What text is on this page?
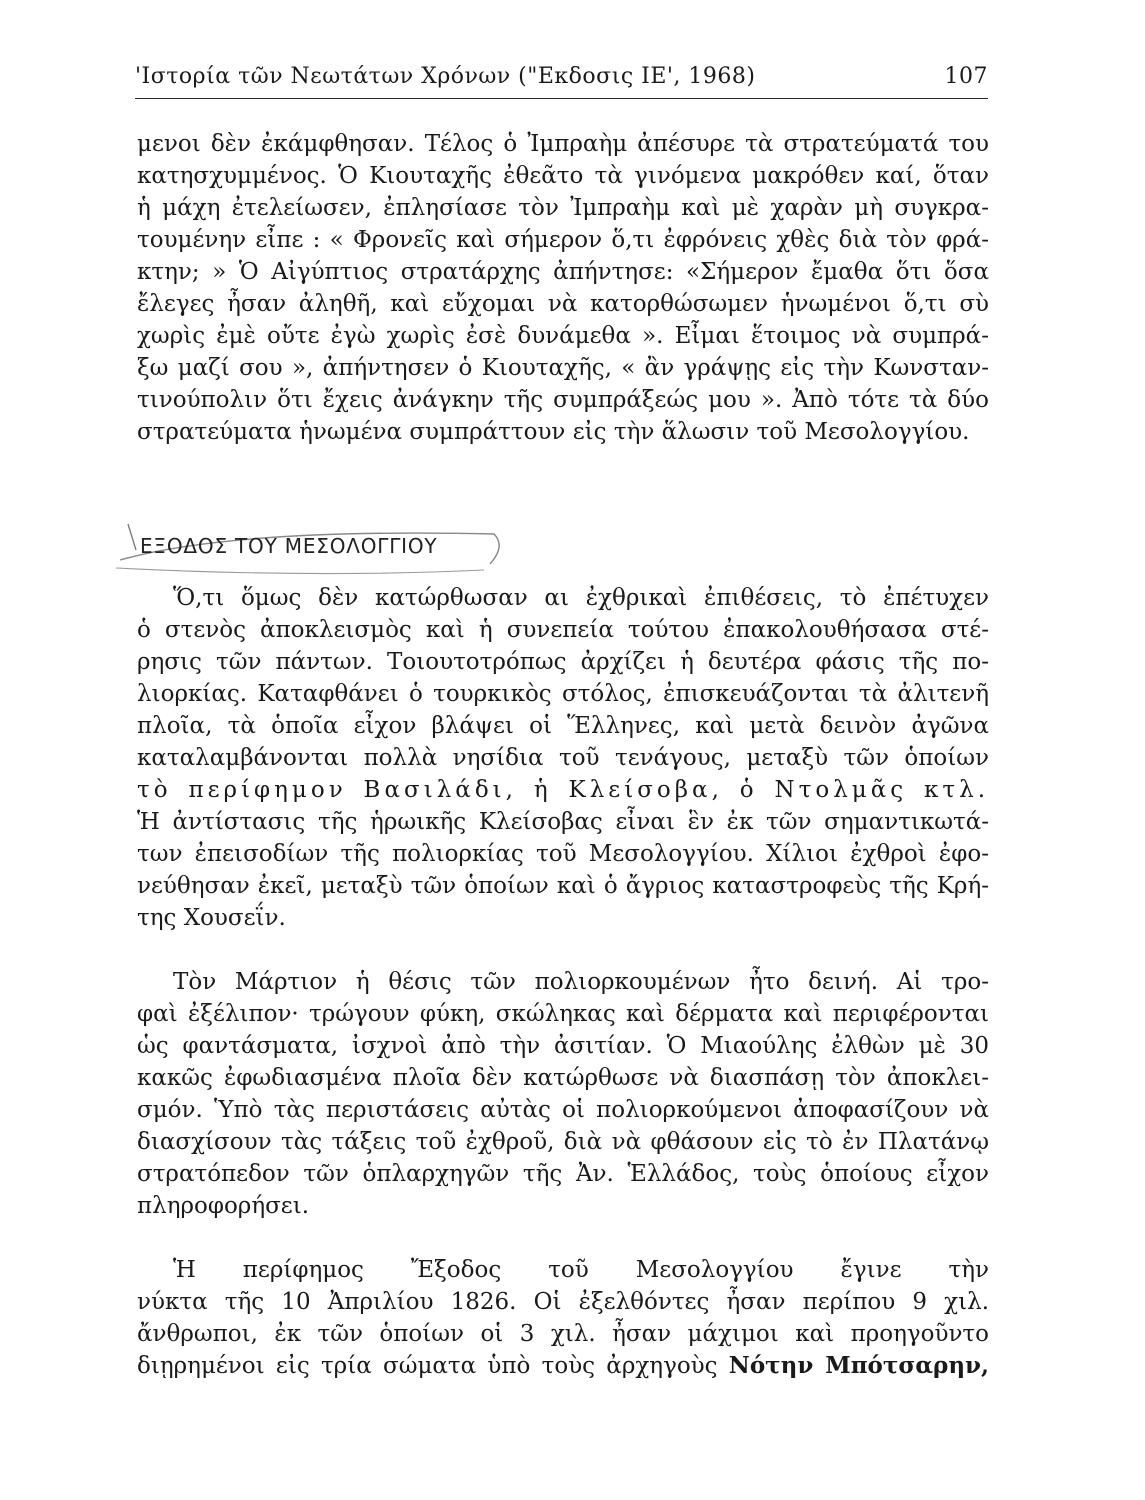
'Ιστορία τῶν Νεωτάτων Χρόνων ("Εκδοσις ΙΕ', 1968)	107
μενοι δὲν ἐκάμφθησαν. Τέλος ὁ Ἰμπραὴμ ἀπέσυρε τὰ στρατεύματά του
κατησχυμμένος. Ὁ Κιουταχῆς ἐθεᾶτο τὰ γινόμενα μακρόθεν καί, ὅταν
ἡ μάχη ἐτελείωσεν, ἐπλησίασε τὸν Ἰμπραὴμ καὶ μὲ χαρὰν μὴ συγκρα-
τουμένην εἶπε : « Φρονεῖς καὶ σήμερον ὅ,τι ἐφρόνεις χθὲς διὰ τὸν φρά-
κτην; » Ὁ Αἰγύπτιος στρατάρχης ἀπήντησε: «Σήμερον ἔμαθα ὅτι ὅσα
ἔλεγες ἦσαν ἀληθῆ, καὶ εὔχομαι νὰ κατορθώσωμεν ἡνωμένοι ὅ,τι σὺ
χωρὶς ἐμὲ οὔτε ἐγὼ χωρὶς ἐσὲ δυνάμεθα ». Εἶμαι ἕτοιμος νὰ συμπρά-
ξω μαζί σου », ἀπήντησεν ὁ Κιουταχῆς, « ἂν γράψῃς εἰς τὴν Κωνσταν-
τινούπολιν ὅτι ἔχεις ἀνάγκην τῆς συμπράξεώς μου ». Ἀπὸ τότε τὰ δύο
στρατεύματα ἡνωμένα συμπράττουν εἰς τὴν ἅλωσιν τοῦ Μεσολογγίου.
ΕΞΟΔΟΣ ΤΟΥ ΜΕΣΟΛΟΓΓΙΟΥ
Ὅ,τι ὅμως δὲν κατώρθωσαν αι ἐχθρικαὶ ἐπιθέσεις, τὸ ἐπέτυχεν
ὁ στενὸς ἀποκλεισμὸς καὶ ἡ συνεπεία τούτου ἐπακολουθήσασα στέ-
ρησις τῶν πάντων. Τοιουτοτρόπως ἀρχίζει ἡ δευτέρα φάσις τῆς πο-
λιορκίας. Καταφθάνει ὁ τουρκικὸς στόλος, ἐπισκευάζονται τὰ ἀλιτενῆ
πλοῖα, τὰ ὁποῖα εἶχον βλάψει οἱ Ἕλληνες, καὶ μετὰ δεινὸν ἀγῶνα
καταλαμβάνονται πολλὰ νησίδια τοῦ τενάγους, μεταξὺ τῶν ὁποίων
τὸ περίφημον Βασιλάδι, ἡ Κλείσοβα, ὁ Ντολμᾶς κτλ.
Ἡ ἀντίστασις τῆς ἡρωικῆς Κλείσοβας εἶναι ἓν ἐκ τῶν σημαντικωτά-
των ἐπεισοδίων τῆς πολιορκίας τοῦ Μεσολογγίου. Χίλιοι ἐχθροὶ ἐφο-
νεύθησαν ἐκεῖ, μεταξὺ τῶν ὁποίων καὶ ὁ ἄγριος καταστροφεὺς τῆς Κρή-
της Χουσεΐν.
Τὸν Μάρτιον ἡ θέσις τῶν πολιορκουμένων ἦτο δεινή. Αἱ τρο-
φαὶ ἐξέλιπον· τρώγουν φύκη, σκώληκας καὶ δέρματα καὶ περιφέρονται
ὡς φαντάσματα, ἰσχνοὶ ἀπὸ τὴν ἀσιτίαν. Ὁ Μιαούλης ἐλθὼν μὲ 30
κακῶς ἐφωδιασμένα πλοῖα δὲν κατώρθωσε νὰ διασπάσῃ τὸν ἀποκλει-
σμόν. Ὑπὸ τὰς περιστάσεις αὐτὰς οἱ πολιορκούμενοι ἀποφασίζουν νὰ
διασχίσουν τὰς τάξεις τοῦ ἐχθροῦ, διὰ νὰ φθάσουν εἰς τὸ ἐν Πλατάνῳ
στρατόπεδον τῶν ὁπλαρχηγῶν τῆς Ἀν. Ἑλλάδος, τοὺς ὁποίους εἶχον
πληροφορήσει.
Ἡ περίφημος Ἔξοδος τοῦ Μεσολογγίου ἔγινε τὴν
νύκτα τῆς 10 Ἀπριλίου 1826. Οἱ ἐξελθόντες ἦσαν περίπου 9 χιλ.
ἄνθρωποι, ἐκ τῶν ὁποίων οἱ 3 χιλ. ἦσαν μάχιμοι καὶ προηγοῦντο
διῃρημένοι εἰς τρία σώματα ὑπὸ τοὺς ἀρχηγοὺς Νότην Μπότσαρην,
